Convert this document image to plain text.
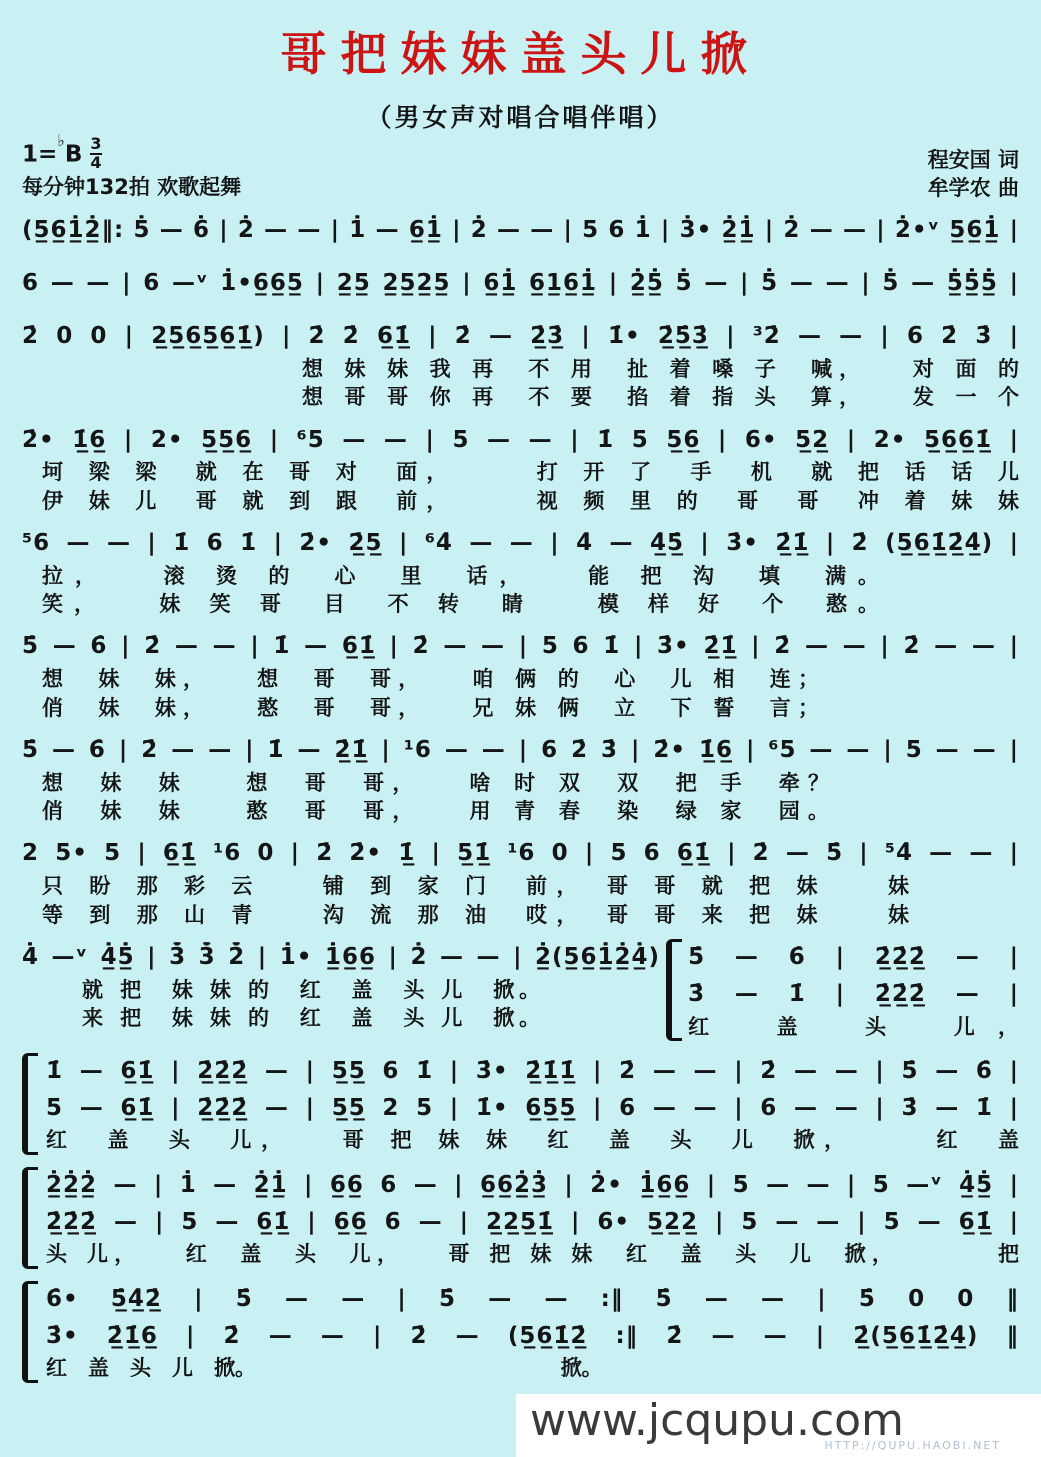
哥把妹妹盖头儿掀
（男女声对唱合唱伴唱）
$1=^♭B \frac{3}{4}$
每分钟132拍 欢歌起舞
程安国 词
牟学农 曲
(5̲6̲1̲̇2̲̇‖: 5̇ — 6̇ | 2̇ — — | 1̇ — 6̲1̲̇ | 2̇ — — | 5 6 1̇ | 3̇• 2̲̇1̲̇ | 2̇ — — | 2̇•ᵛ 5̲6̲1̲̇ |
6 — — | 6 —ᵛ 1̇•6̲6̲5̲ | 2̲5̲ 2̲5̲2̲5̲ | 6̲1̲̇ 6̲1̲6̲1̲̇ | 2̲̇5̲̇ 5̇ — | 5̇ — — | 5̇ — 5̲̇5̲̇5̲̇ |
2̇ 0 0 | 2̲5̲6̲5̲6̲1̲̇) | 2̇ 2̇ 6̲1̲̇ | 2̇ — 2̲̇3̲̇ | 1̇• 2̲̇5̲̇3̲̇ | ³2̇ — — | 6 2̇ 3̇ |
想 妹 妹 我 再　不 用　扯 着 嗓 子　喊，　　对 面 的
想 哥 哥 你 再　不 要　掐 着 指 头　算，　　发 一 个
2̇• 1̲̇6̲ | 2• 5̲5̲6̲ | ⁶5 — — | 5 — — | 1̇ 5 5̲6̲ | 6• 5̲2̲ | 2• 5̲6̲6̲1̲̇ |
坷 梁 梁　就 在 哥 对　面，　　　打 开 了　手　机　就 把 话 话 儿
伊 妹 儿　哥 就 到 跟　前，　　　视 频 里 的　哥　哥　冲 着 妹 妹
⁵6 — — | 1̇ 6 1̇ | 2̇• 2̲̇5̲ | ⁶4̇ — — | 4̇ — 4̲̇5̲̇ | 3̇• 2̲̇1̲̇ | 2̇ (5̲6̲1̲̇2̲̇4̲̇) |
拉，　　滚 烫 的　心　里　话，　　能 把 沟　填　满。
笑，　　妹 笑 哥　目　不 转　睛　　模 样 好　个　憨。
5̇ — 6̇ | 2̇ — — | 1̇ — 6̲1̲̇ | 2̇ — — | 5 6 1̇ | 3̇• 2̲̇1̲̇ | 2̇ — — | 2̇ — — |
想　妹　妹，　　想　哥　哥，　　咱 俩 的　心　儿 相　连；
俏　妹　妹，　　憨　哥　哥，　　兄 妹 俩　立　下 誓　言；
5̇ — 6̇ | 2̇ — — | 1̇ — 2̲̇1̲̇ | ¹6 — — | 6 2̇ 3̇ | 2̇• 1̲̇6̲ | ⁶5 — — | 5 — — |
想　妹　妹　　想　哥　哥，　　啥 时 双　双　把 手　牵？
俏　妹　妹　　憨　哥　哥，　　用 青 春　染　绿 家　园。
2 5• 5 | 6̲1̲̇ ¹6 0 | 2̇ 2̇• 1̲̇ | 5̲1̲̇ ¹6 0 | 5 6 6̲1̲̇ | 2̇ — 5̇ | ⁵4̇ — — |
只 盼 那 彩 云　　铺 到 家 门　前，　哥 哥 就 把 妹　　妹
等 到 那 山 青　　沟 流 那 油　哎，　哥 哥 来 把 妹　　妹
4̇ —ᵛ 4̲̇5̲̇ | 3̄̇ 3̄̇ 2̄̇ | 1̇• 1̲̇6̲6̲ | 2̇ — — | 2̲̇(5̲6̲1̲̇2̲̇4̲̇)
就 把　妹 妹 的　红　盖　头 儿　掀。
来 把　妹 妹 的　红　盖　头 儿　掀。
5̇ — 6̇ | 2̲̇2̲̇2̲̇ — |
3̇ — 1̇ | 2̲̇2̲̇2̲̇ — |
红　盖　头　儿，
1̇ — 6̲1̲̇ | 2̲̇2̲̇2̲̇ — | 5̲5̲ 6 1̇ | 3̇• 2̲̇1̲̇1̲̇ | 2̇ — — | 2̇ — — | 5̇ — 6̇ |
5 — 6̲1̲̇ | 2̲̇2̲̇2̲̇ — | 5̲5̲ 2 5 | 1̇• 6̲5̲5̲ | 6 — — | 6 — — | 3̇ — 1̇ |
红　盖　头　儿，　　哥 把 妹 妹　红　盖　头　儿　掀，　　　红　盖
2̲̇2̲̇2̲̇ — | 1̇ — 2̲̇1̲̇ | 6̲6̲ 6 — | 6̲6̲2̲̇3̲̇ | 2̇• 1̲̇6̲6̲ | 5 — — | 5 —ᵛ 4̲̇5̲̇ |
2̲̇2̲̇2̲̇ — | 5 — 6̲1̲̇ | 6̲6̲ 6 — | 2̲2̲5̲1̲̇ | 6• 5̲2̲2̲ | 5 — — | 5 — 6̲1̲̇ |
头 儿，　　红　盖　头　儿，　　哥 把 妹 妹　红　盖　头　儿　掀，　　　　把
6̇• 5̲̇4̲̇2̲̇ | 5̇ — — | 5̇ — — :‖ 5̇ — — | 5̇ 0 0 ‖
3̇• 2̲̇1̲̇6̲ | 2̇ — — | 2̇ — (5̲6̲1̲̇2̲̇ :‖ 2̇ — — | 2̲̇(5̲6̲1̲̇2̲̇4̲̇) ‖
红　盖　头　儿　掀。	掀。
www.jcqupu.com
HTTP://QUPU.HAOBI.NET
